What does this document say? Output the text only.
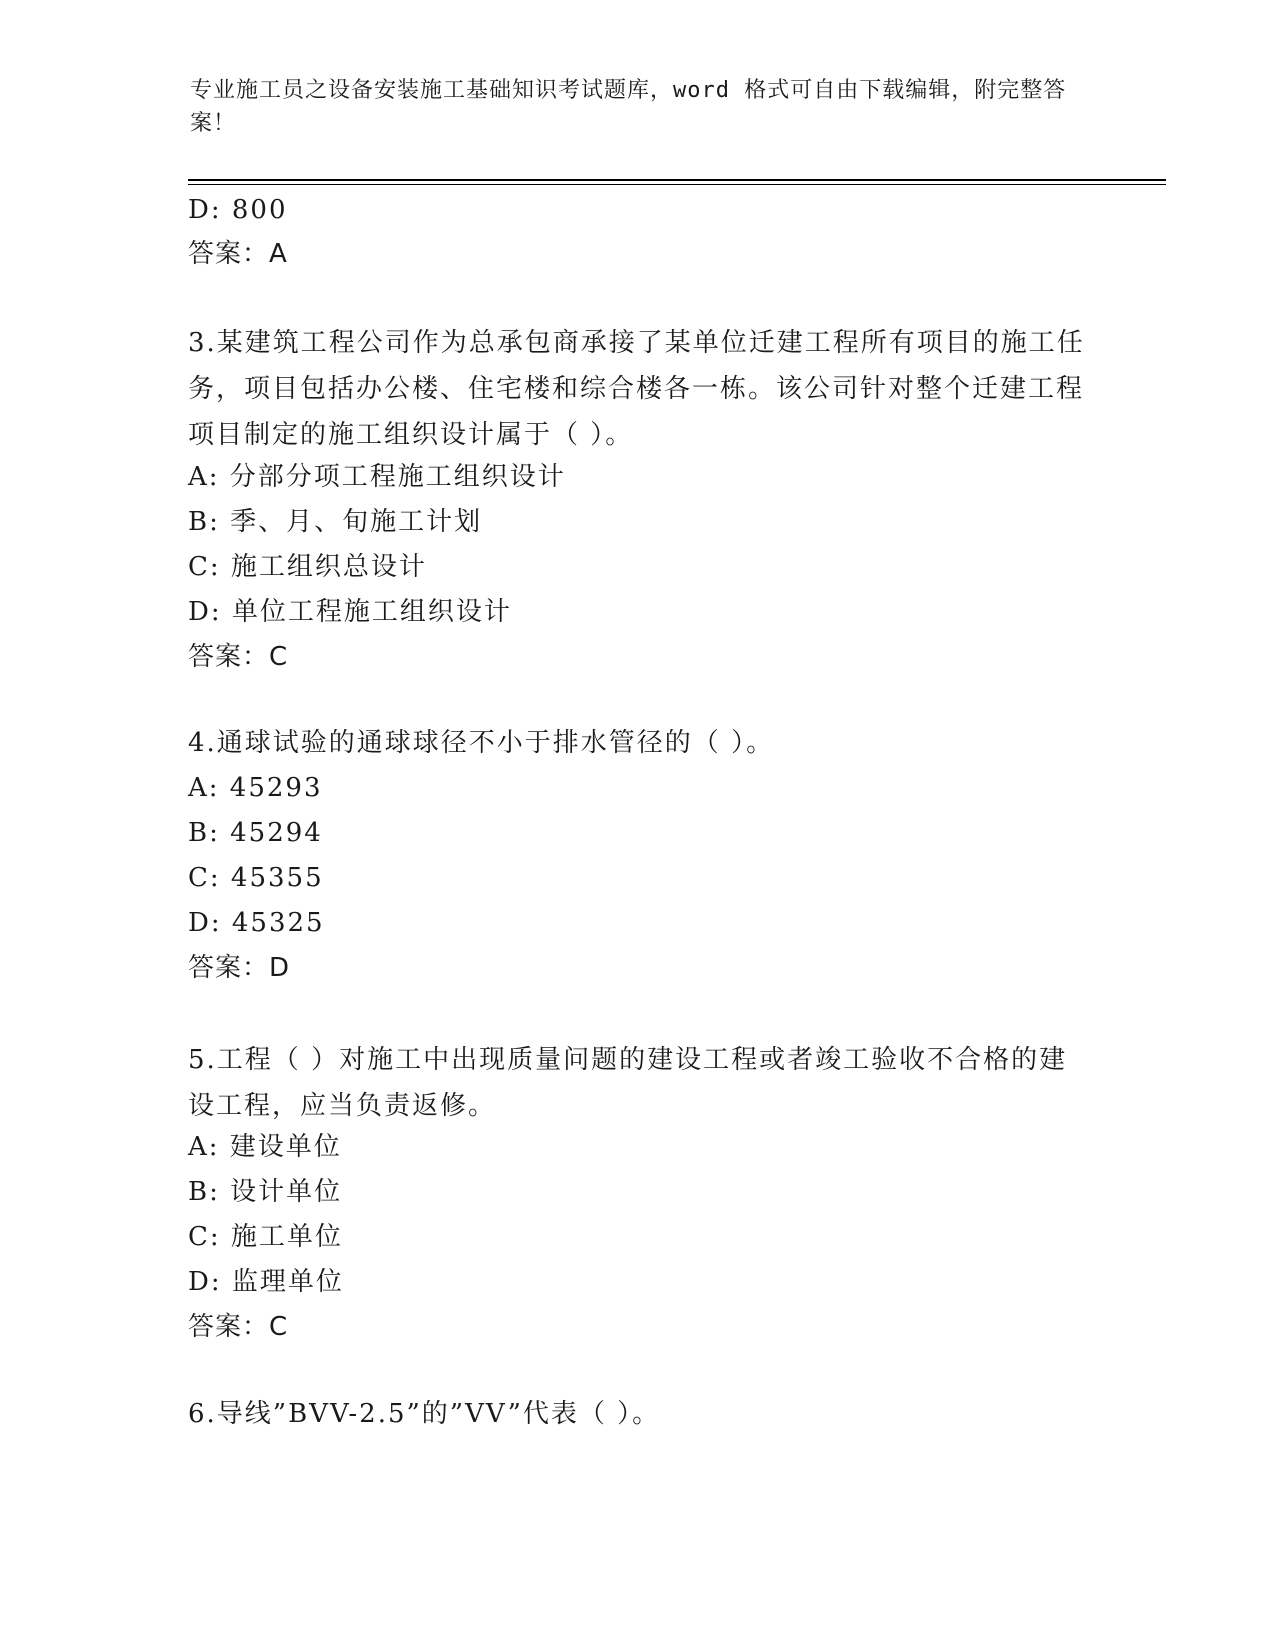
专业施工员之设备安装施工基础知识考试题库，word 格式可自由下载编辑，附完整答案！
D: 800
答案：A
3.某建筑工程公司作为总承包商承接了某单位迁建工程所有项目的施工任务，项目包括办公楼、住宅楼和综合楼各一栋。该公司针对整个迁建工程项目制定的施工组织设计属于（ ）。
A: 分部分项工程施工组织设计
B: 季、月、旬施工计划
C: 施工组织总设计
D: 单位工程施工组织设计
答案：C
4.通球试验的通球球径不小于排水管径的（ ）。
A: 45293
B: 45294
C: 45355
D: 45325
答案：D
5.工程（ ）对施工中出现质量问题的建设工程或者竣工验收不合格的建设工程，应当负责返修。
A: 建设单位
B: 设计单位
C: 施工单位
D: 监理单位
答案：C
6.导线”BVV-2.5”的”VV”代表（ ）。
